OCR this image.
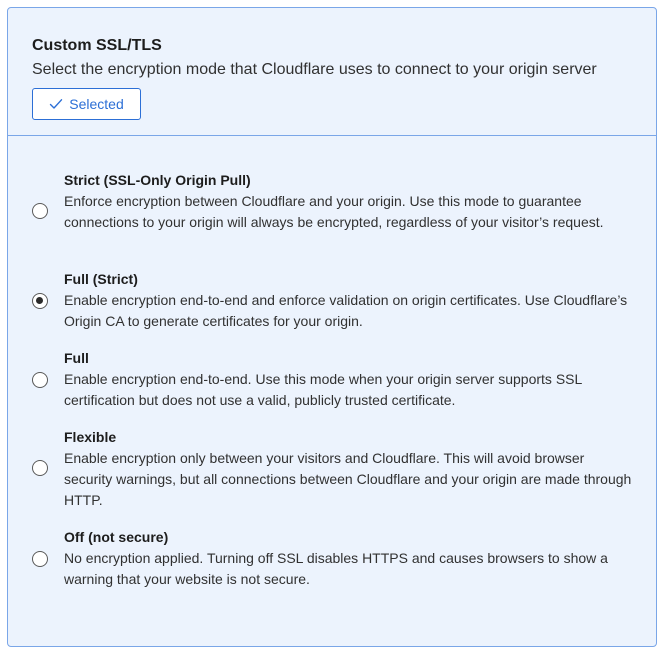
Custom SSL/TLS
Select the encryption mode that Cloudflare uses to connect to your origin server
Selected
Strict (SSL-Only Origin Pull)
Enforce encryption between Cloudflare and your origin. Use this mode to guarantee connections to your origin will always be encrypted, regardless of your visitor’s request.
Full (Strict)
Enable encryption end-to-end and enforce validation on origin certificates. Use Cloudflare’s Origin CA to generate certificates for your origin.
Full
Enable encryption end-to-end. Use this mode when your origin server supports SSL certification but does not use a valid, publicly trusted certificate.
Flexible
Enable encryption only between your visitors and Cloudflare. This will avoid browser security warnings, but all connections between Cloudflare and your origin are made through HTTP.
Off (not secure)
No encryption applied. Turning off SSL disables HTTPS and causes browsers to show a warning that your website is not secure.
